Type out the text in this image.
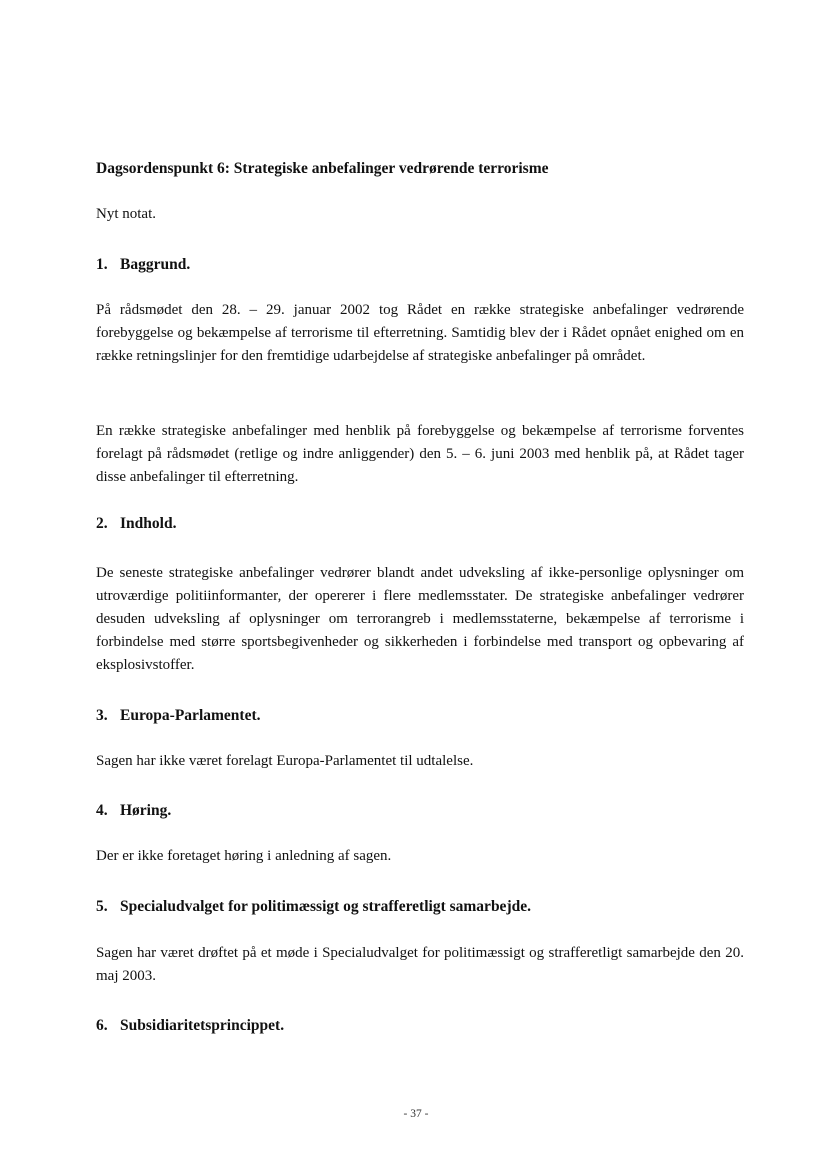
Dagsordenspunkt 6: Strategiske anbefalinger vedrørende terrorisme

Nyt notat.

1. Baggrund.

På rådsmødet den 28. – 29. januar 2002 tog Rådet en række strategiske anbefalinger vedrørende forebyggelse og bekæmpelse af terrorisme til efterretning. Samtidig blev der i Rådet opnået enighed om en række retningslinjer for den fremtidige udarbejdelse af strategiske anbefalinger på området.

En række strategiske anbefalinger med henblik på forebyggelse og bekæmpelse af terrorisme forventes forelagt på rådsmødet (retlige og indre anliggender) den 5. – 6. juni 2003 med henblik på, at Rådet tager disse anbefalinger til efterretning.

2. Indhold.

De seneste strategiske anbefalinger vedrører blandt andet udveksling af ikke-personlige oplysninger om utroværdige politiinformanter, der opererer i flere medlemsstater. De strategiske anbefalinger vedrører desuden udveksling af oplysninger om terrorangreb i medlemsstaterne, bekæmpelse af terrorisme i forbindelse med større sportsbegivenheder og sikkerheden i forbindelse med transport og opbevaring af eksplosivstoffer.

3. Europa-Parlamentet.

Sagen har ikke været forelagt Europa-Parlamentet til udtalelse.

4. Høring.

Der er ikke foretaget høring i anledning af sagen.

5. Specialudvalget for politimæssigt og strafferetligt samarbejde.

Sagen har været drøftet på et møde i Specialudvalget for politimæssigt og strafferetligt samarbejde den 20. maj 2003.

6. Subsidiaritetsprincippet.

- 37 -
